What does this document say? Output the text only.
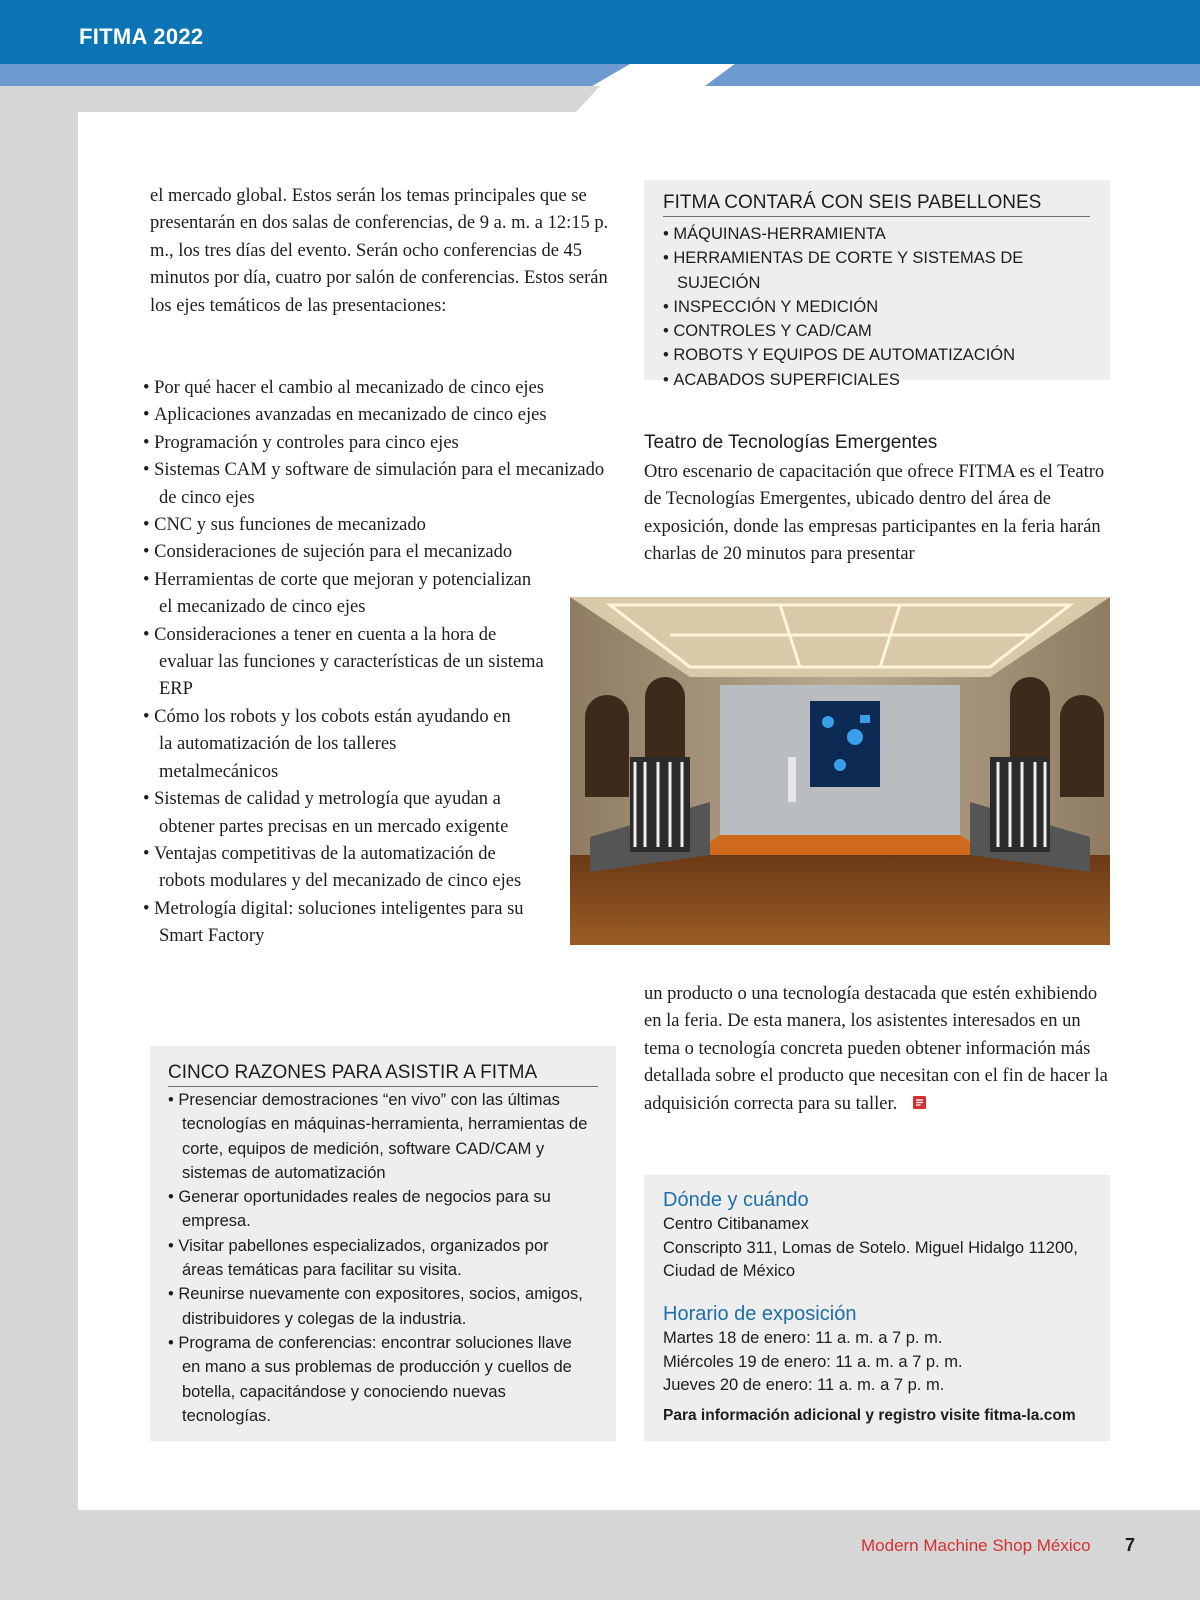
FITMA 2022
el mercado global. Estos serán los temas principales que se presentarán en dos salas de conferencias, de 9 a. m. a 12:15 p. m., los tres días del evento. Serán ocho conferencias de 45 minutos por día, cuatro por salón de conferencias. Estos serán los ejes temáticos de las presentaciones:
• Por qué hacer el cambio al mecanizado de cinco ejes
• Aplicaciones avanzadas en mecanizado de cinco ejes
• Programación y controles para cinco ejes
• Sistemas CAM y software de simulación para el mecanizado de cinco ejes
• CNC y sus funciones de mecanizado
• Consideraciones de sujeción para el mecanizado
• Herramientas de corte que mejoran y potencializan el mecanizado de cinco ejes
• Consideraciones a tener en cuenta a la hora de evaluar las funciones y características de un sistema ERP
• Cómo los robots y los cobots están ayudando en la automatización de los talleres metalmecánicos
• Sistemas de calidad y metrología que ayudan a obtener partes precisas en un mercado exigente
• Ventajas competitivas de la automatización de robots modulares y del mecanizado de cinco ejes
• Metrología digital: soluciones inteligentes para su Smart Factory
FITMA CONTARÁ CON SEIS PABELLONES
• MÁQUINAS-HERRAMIENTA
• HERRAMIENTAS DE CORTE Y SISTEMAS DE SUJECIÓN
• INSPECCIÓN Y MEDICIÓN
• CONTROLES Y CAD/CAM
• ROBOTS Y EQUIPOS DE AUTOMATIZACIÓN
• ACABADOS SUPERFICIALES
Teatro de Tecnologías Emergentes
Otro escenario de capacitación que ofrece FITMA es el Teatro de Tecnologías Emergentes, ubicado dentro del área de exposición, donde las empresas participantes en la feria harán charlas de 20 minutos para presentar
un producto o una tecnología destacada que estén exhibiendo en la feria. De esta manera, los asistentes interesados en un tema o tecnología concreta pueden obtener información más detallada sobre el producto que necesitan con el fin de hacer la adquisición correcta para su taller.
CINCO RAZONES PARA ASISTIR A FITMA
• Presenciar demostraciones “en vivo” con las últimas tecnologías en máquinas-herramienta, herramientas de corte, equipos de medición, software CAD/CAM y sistemas de automatización
• Generar oportunidades reales de negocios para su empresa.
• Visitar pabellones especializados, organizados por áreas temáticas para facilitar su visita.
• Reunirse nuevamente con expositores, socios, amigos, distribuidores y colegas de la industria.
• Programa de conferencias: encontrar soluciones llave en mano a sus problemas de producción y cuellos de botella, capacitándose y conociendo nuevas tecnologías.
Dónde y cuándo
Centro Citibanamex
Conscripto 311, Lomas de Sotelo. Miguel Hidalgo 11200,
Ciudad de México
Horario de exposición
Martes 18 de enero: 11 a. m. a 7 p. m.
Miércoles 19 de enero: 11 a. m. a 7 p. m.
Jueves 20 de enero: 11 a. m. a 7 p. m.
Para información adicional y registro visite fitma-la.com
Modern Machine Shop México 7
